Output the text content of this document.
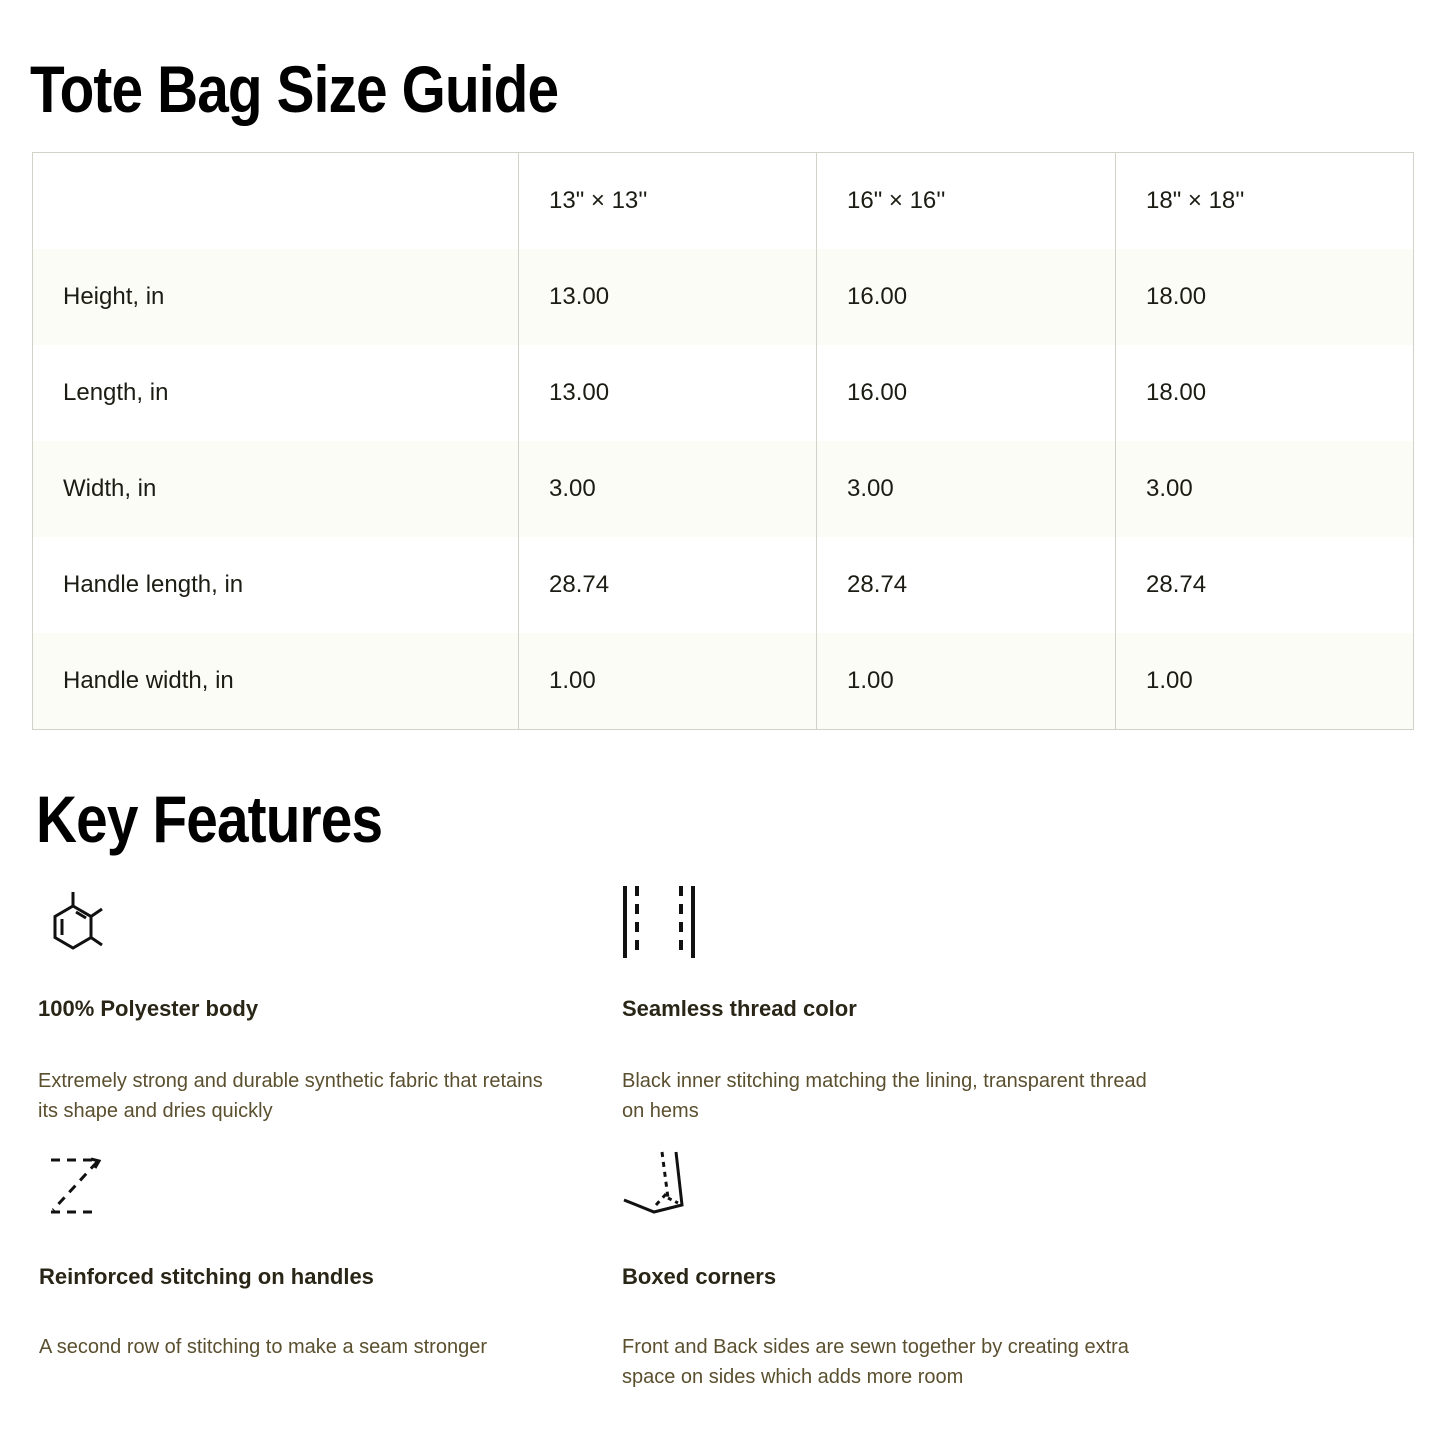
Tote Bag Size Guide
	13" × 13''	16" × 16''	18" × 18''
Height, in	13.00	16.00	18.00
Length, in	13.00	16.00	18.00
Width, in	3.00	3.00	3.00
Handle length, in	28.74	28.74	28.74
Handle width, in	1.00	1.00	1.00
Key Features
100% Polyester body

Extremely strong and durable synthetic fabric that retains its shape and dries quickly

Seamless thread color

Black inner stitching matching the lining, transparent thread on hems

Reinforced stitching on handles

A second row of stitching to make a seam stronger

Boxed corners

Front and Back sides are sewn together by creating extra space on sides which adds more room
